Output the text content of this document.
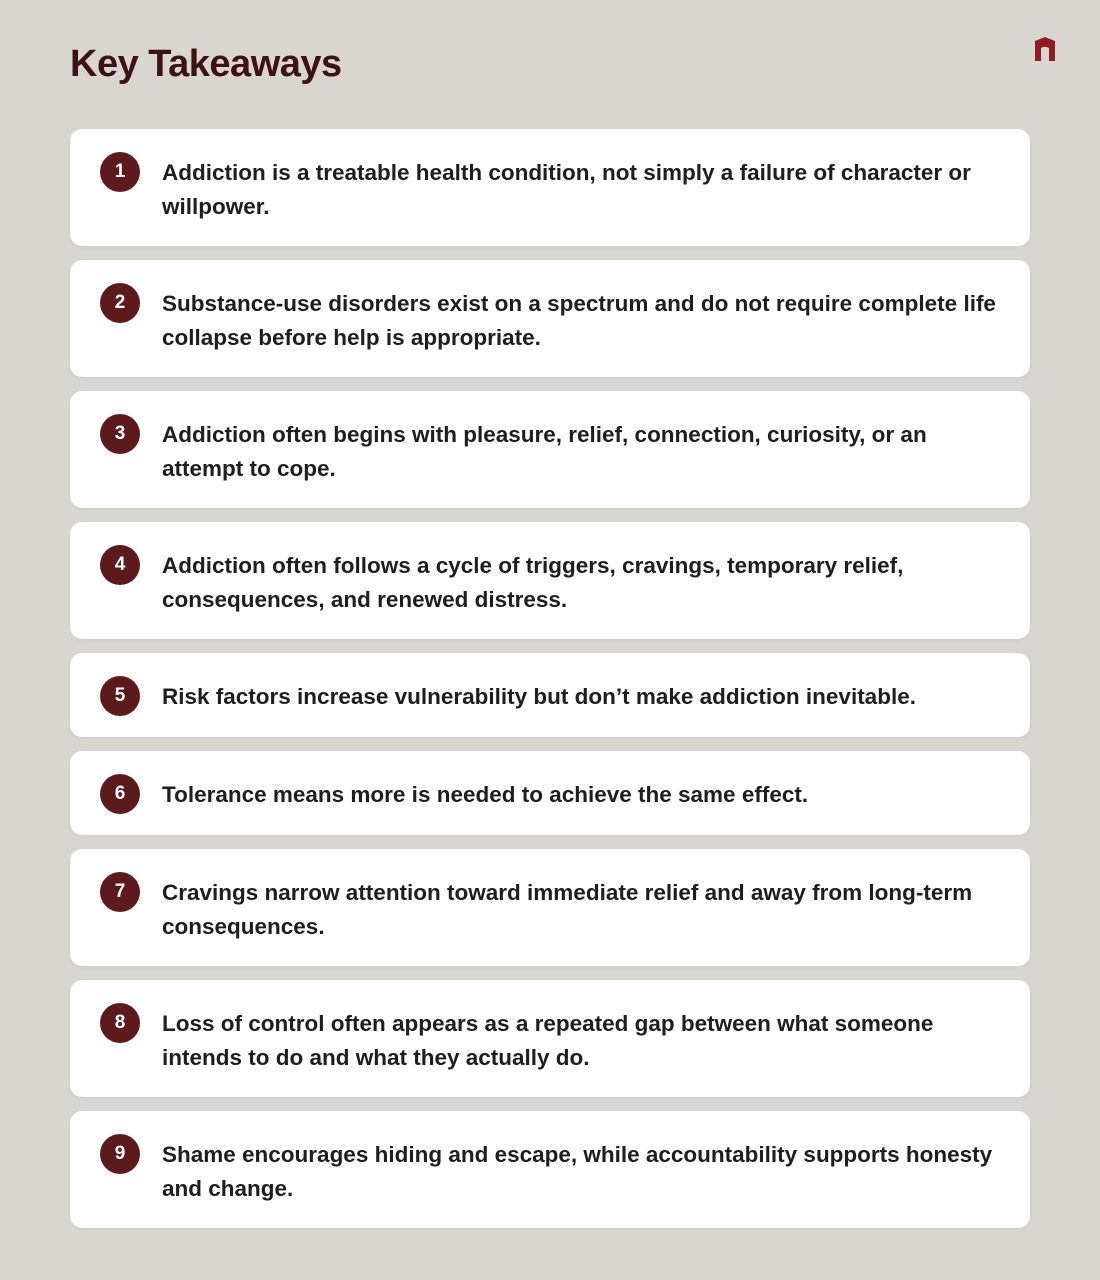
Key Takeaways
1	Addiction is a treatable health condition, not simply a failure of character or willpower.

2	Substance-use disorders exist on a spectrum and do not require complete life collapse before help is appropriate.

3	Addiction often begins with pleasure, relief, connection, curiosity, or an attempt to cope.

4	Addiction often follows a cycle of triggers, cravings, temporary relief, consequences, and renewed distress.

5	Risk factors increase vulnerability but don’t make addiction inevitable.

6	Tolerance means more is needed to achieve the same effect.

7	Cravings narrow attention toward immediate relief and away from long-term consequences.

8	Loss of control often appears as a repeated gap between what someone intends to do and what they actually do.

9	Shame encourages hiding and escape, while accountability supports honesty and change.
